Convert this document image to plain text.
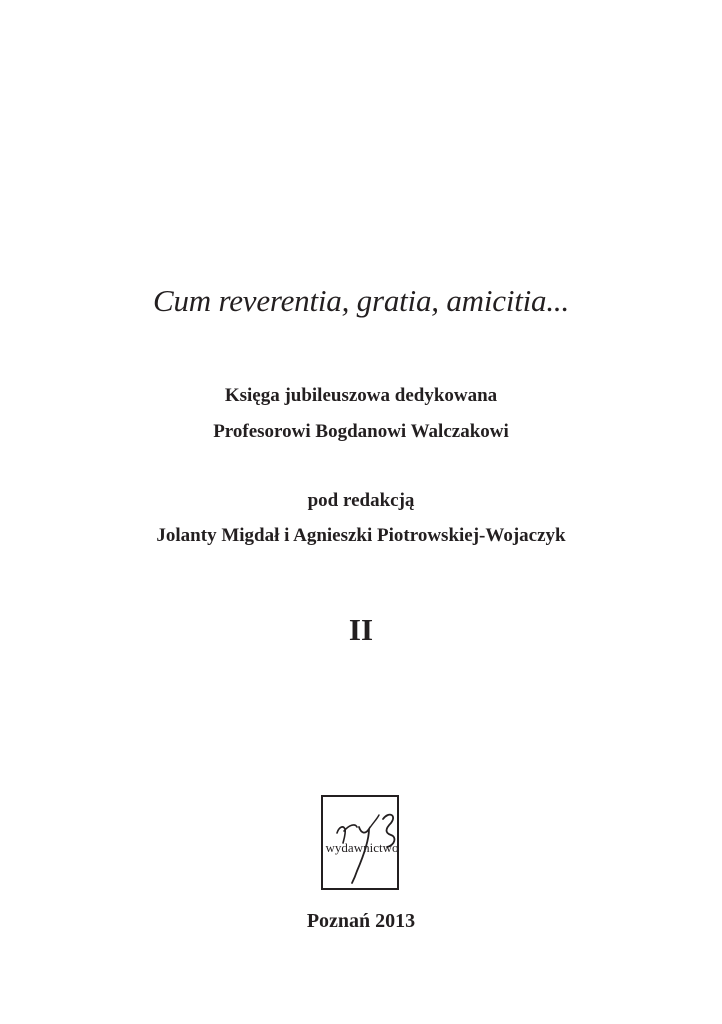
Cum reverentia, gratia, amicitia...
Księga jubileuszowa dedykowana
Profesorowi Bogdanowi Walczakowi
pod redakcją
Jolanty Migdał i Agnieszki Piotrowskiej-Wojaczyk
II
wydawnictwo
Poznań 2013
